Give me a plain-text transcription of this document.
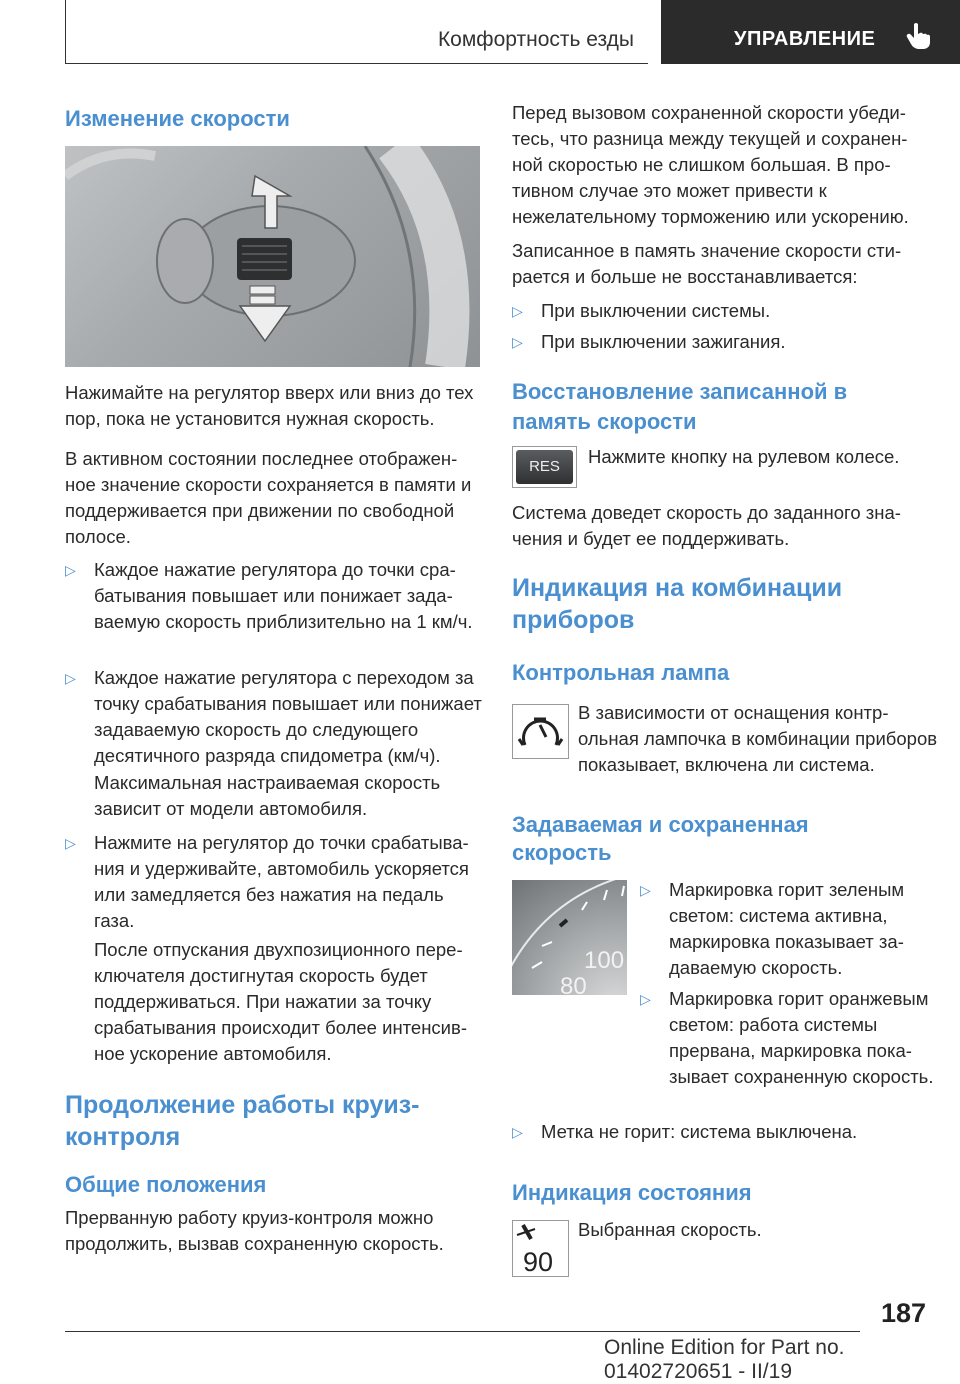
Комфортность езды	УПРАВЛЕНИЕ
Изменение скорости

Нажимайте на регулятор вверх или вниз до тех пор, пока не установится нужная скорость.

В активном состоянии последнее отображенное значение скорости сохраняется в памяти и поддерживается при движении по свободной полосе.

▷ Каждое нажатие регулятора до точки срабатывания повышает или понижает задаваемую скорость приблизительно на 1 км/ч.
▷ Каждое нажатие регулятора с переходом за точку срабатывания повышает или понижает задаваемую скорость до следующего десятичного разряда спидометра (км/ч).

Максимальная настраиваемая скорость зависит от модели автомобиля.

▷ Нажмите на регулятор до точки срабатывания и удерживайте, автомобиль ускоряется или замедляется без нажатия на педаль газа.

После отпускания двухпозиционного переключателя достигнутая скорость будет поддерживаться. При нажатии за точку срабатывания происходит более интенсивное ускорение автомобиля.

Продолжение работы круиз-контроля
Общие положения

Прерванную работу круиз-контроля можно продолжить, вызвав сохраненную скорость.

Перед вызовом сохраненной скорости убедитесь, что разница между текущей и сохраненной скоростью не слишком большая. В противном случае это может привести к нежелательному торможению или ускорению.

Записанное в память значение скорости стирается и больше не восстанавливается:

▷ При выключении системы.
▷ При выключении зажигания.
Восстановление записанной в память скорости
RES	Нажмите кнопку на рулевом колесе.

Система доведет скорость до заданного значения и будет ее поддерживать.

Индикация на комбинации приборов
Контрольная лампа

В зависимости от оснащения контрольная лампочка в комбинации приборов показывает, включена ли система.

Задаваемая и сохраненная скорость
100
80
▷ Маркировка горит зеленым светом: система активна, маркировка показывает задаваемую скорость.
▷ Маркировка горит оранжевым светом: работа системы прервана, маркировка показывает сохраненную скорость.
▷ Метка не горит: система выключена.
Индикация состояния
90

Выбранная скорость.

187
Online Edition for Part no. 01402720651 - II/19
